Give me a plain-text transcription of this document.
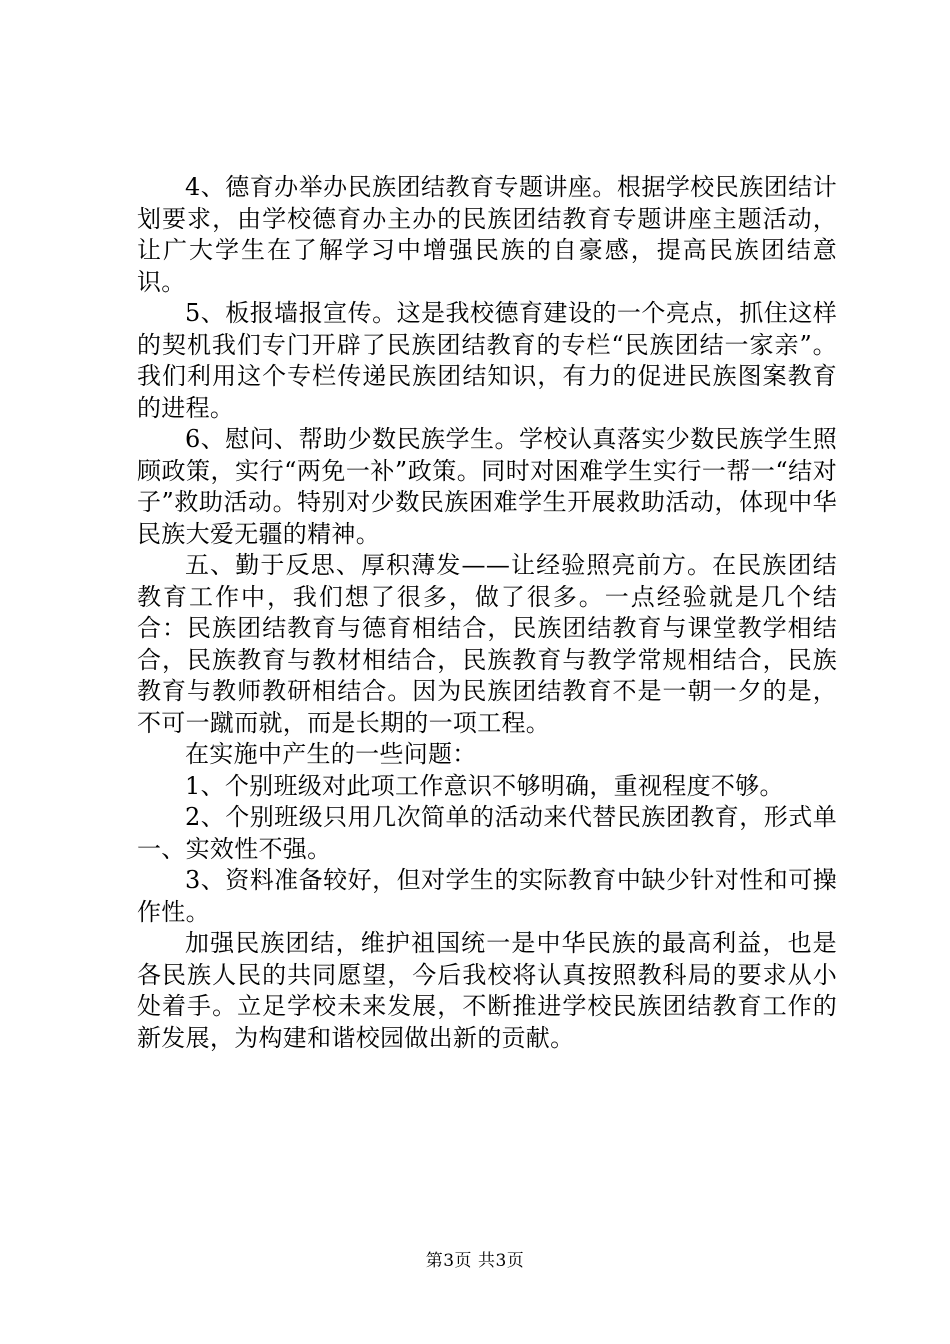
4、德育办举办民族团结教育专题讲座。根据学校民族团结计划要求，由学校德育办主办的民族团结教育专题讲座主题活动，让广大学生在了解学习中增强民族的自豪感，提高民族团结意识。

5、板报墙报宣传。这是我校德育建设的一个亮点，抓住这样的契机我们专门开辟了民族团结教育的专栏“民族团结一家亲”。我们利用这个专栏传递民族团结知识，有力的促进民族图案教育的进程。

6、慰问、帮助少数民族学生。学校认真落实少数民族学生照顾政策，实行“两免一补”政策。同时对困难学生实行一帮一“结对子”救助活动。特别对少数民族困难学生开展救助活动，体现中华民族大爱无疆的精神。

五、勤于反思、厚积薄发——让经验照亮前方。在民族团结教育工作中，我们想了很多，做了很多。一点经验就是几个结合：民族团结教育与德育相结合，民族团结教育与课堂教学相结合，民族教育与教材相结合，民族教育与教学常规相结合，民族教育与教师教研相结合。因为民族团结教育不是一朝一夕的是，不可一蹴而就，而是长期的一项工程。

在实施中产生的一些问题：

1、个别班级对此项工作意识不够明确，重视程度不够。

2、个别班级只用几次简单的活动来代替民族团教育，形式单一、实效性不强。

3、资料准备较好，但对学生的实际教育中缺少针对性和可操作性。

加强民族团结，维护祖国统一是中华民族的最高利益，也是各民族人民的共同愿望，今后我校将认真按照教科局的要求从小处着手。立足学校未来发展，不断推进学校民族团结教育工作的新发展，为构建和谐校园做出新的贡献。

第3页 共3页
